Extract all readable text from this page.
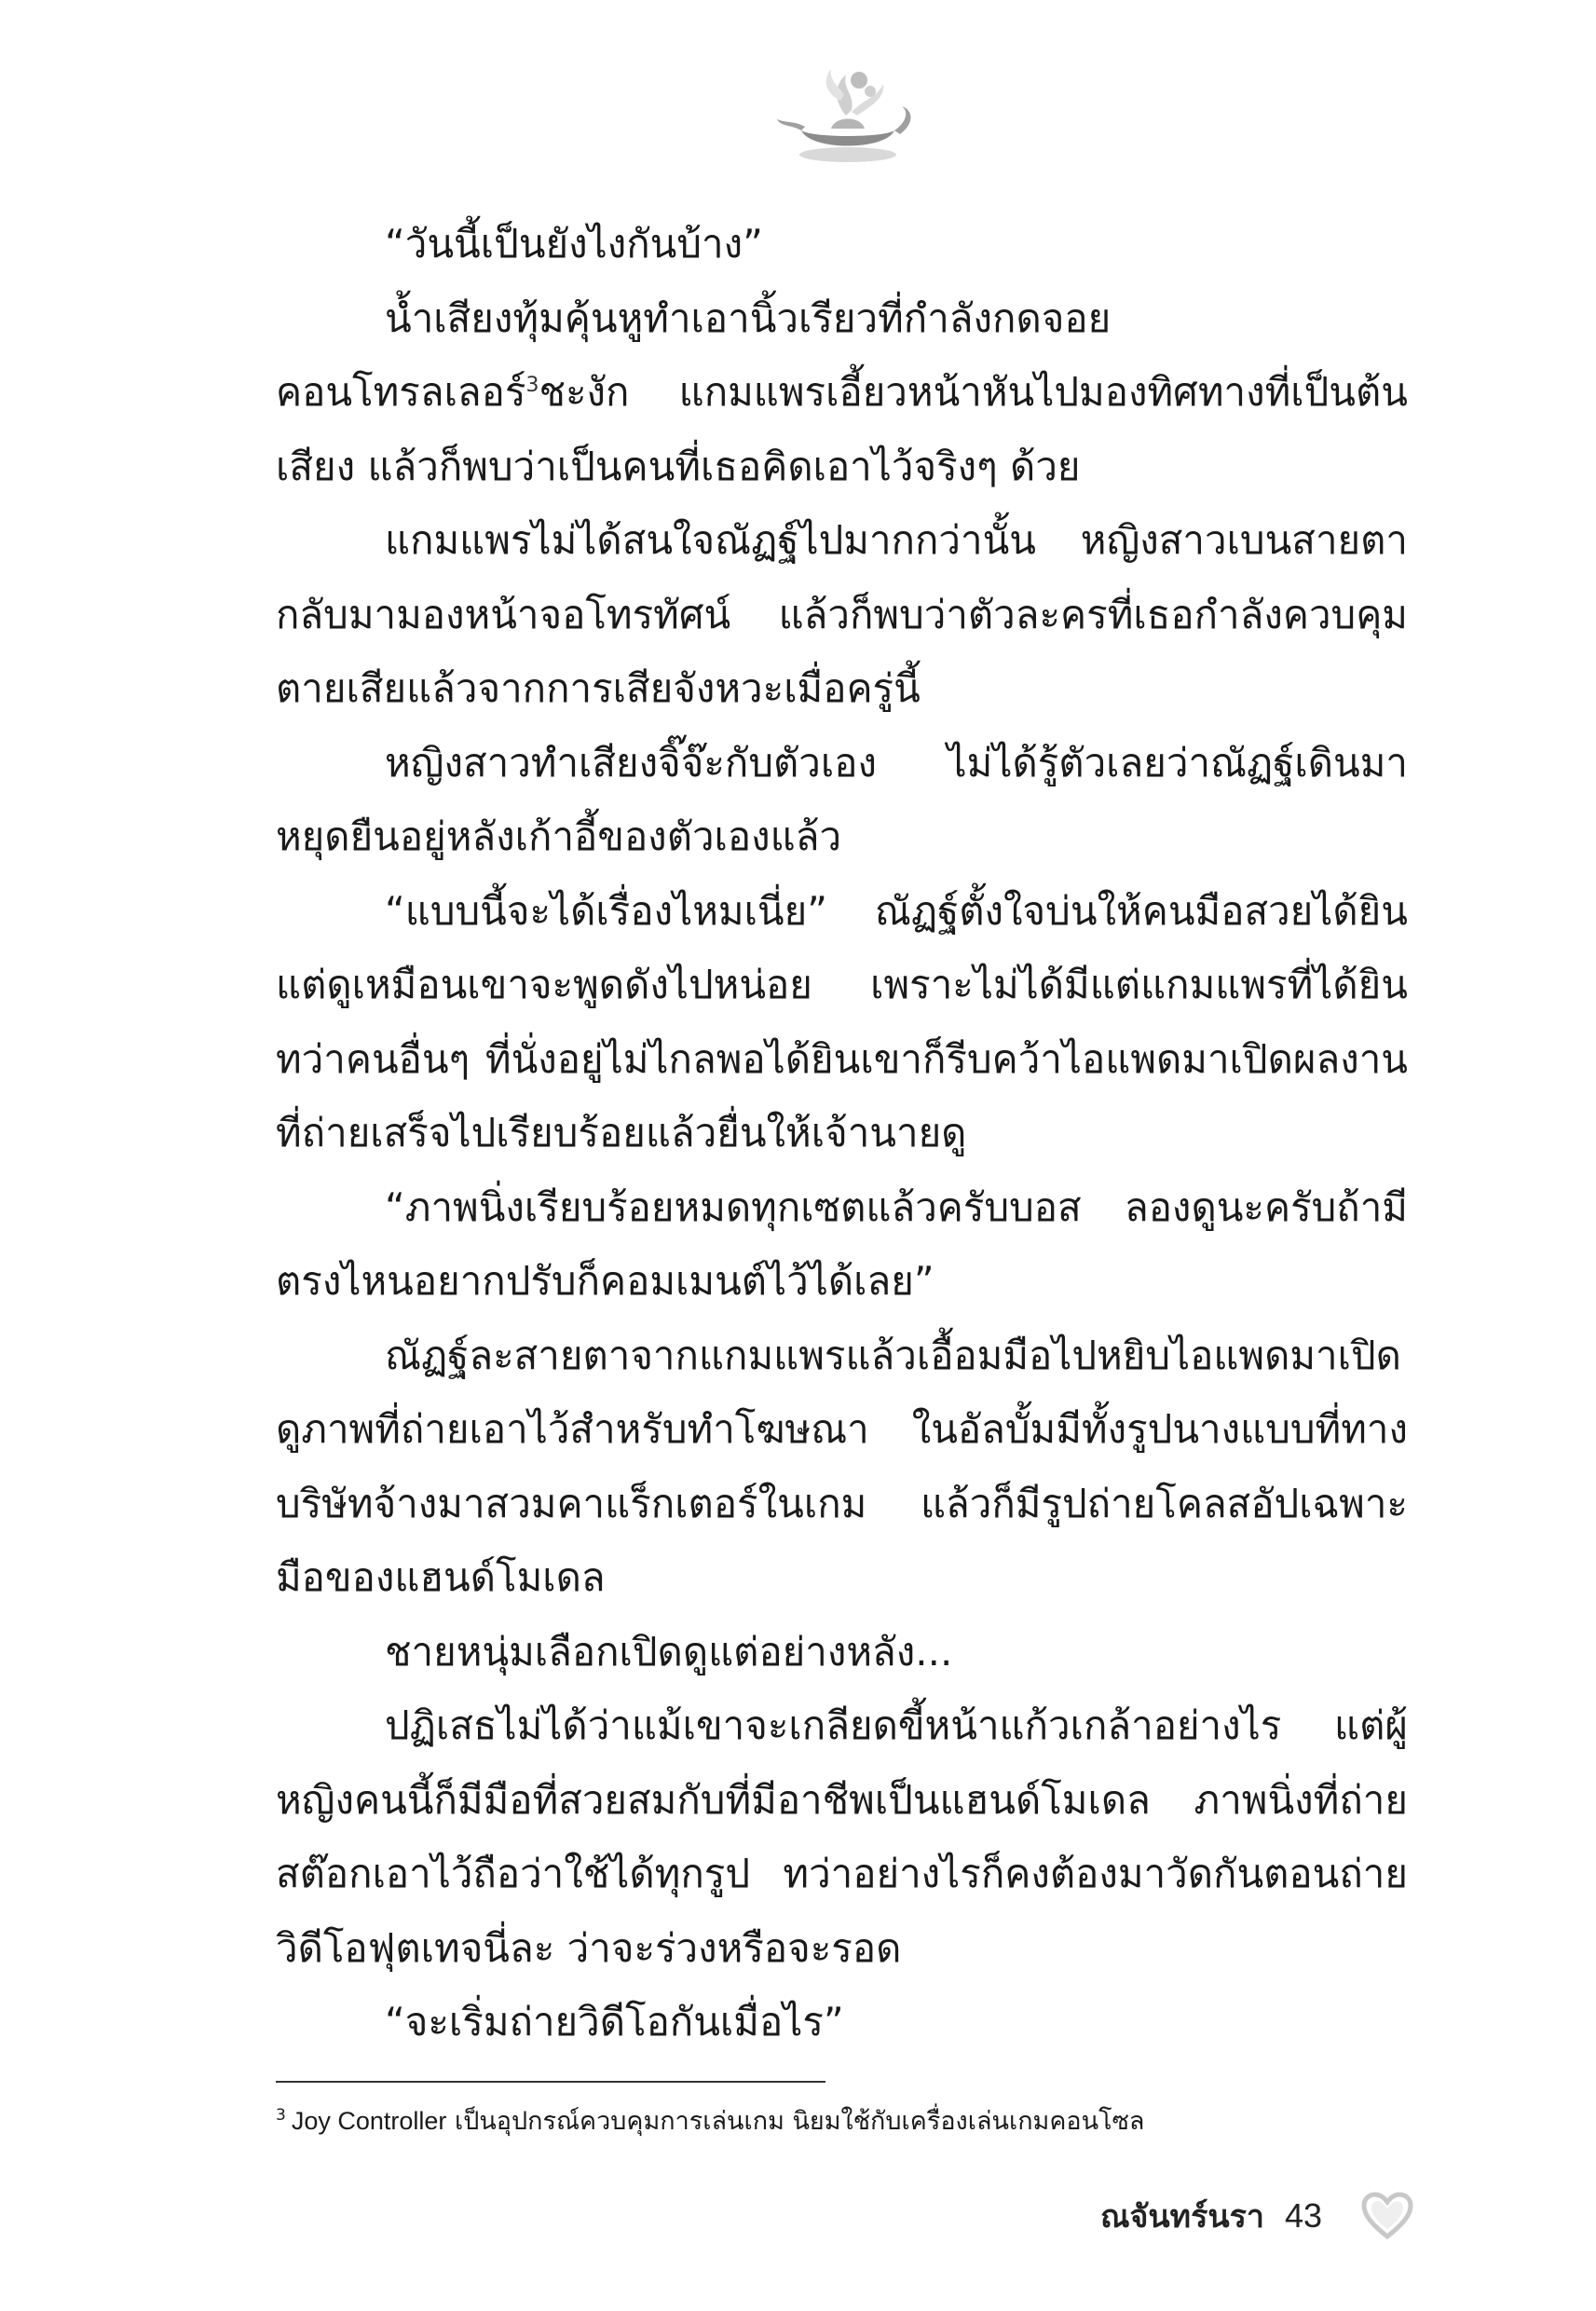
“วันนี้เป็นยังไงกันบ้าง”

น้ำเสียงทุ้มคุ้นหูทำเอานิ้วเรียวที่กำลังกดจอยคอนโทรลเลอร์$^3$ชะงัก แกมแพรเอี้ยวหน้าหันไปมองทิศทางที่เป็นต้นเสียง แล้วก็พบว่าเป็นคนที่เธอคิดเอาไว้จริงๆ ด้วย

แกมแพรไม่ได้สนใจณัฏฐ์ไปมากกว่านั้น หญิงสาวเบนสายตากลับมามองหน้าจอโทรทัศน์ แล้วก็พบว่าตัวละครที่เธอกำลังควบคุมตายเสียแล้วจากการเสียจังหวะเมื่อครู่นี้

หญิงสาวทำเสียงจิ๊จ๊ะกับตัวเอง ไม่ได้รู้ตัวเลยว่าณัฏฐ์เดินมาหยุดยืนอยู่หลังเก้าอี้ของตัวเองแล้ว

“แบบนี้จะได้เรื่องไหมเนี่ย” ณัฏฐ์ตั้งใจบ่นให้คนมือสวยได้ยินแต่ดูเหมือนเขาจะพูดดังไปหน่อย เพราะไม่ได้มีแต่แกมแพรที่ได้ยินทว่าคนอื่นๆ ที่นั่งอยู่ไม่ไกลพอได้ยินเขาก็รีบคว้าไอแพดมาเปิดผลงานที่ถ่ายเสร็จไปเรียบร้อยแล้วยื่นให้เจ้านายดู

“ภาพนิ่งเรียบร้อยหมดทุกเซตแล้วครับบอส ลองดูนะครับถ้ามีตรงไหนอยากปรับก็คอมเมนต์ไว้ได้เลย”

ณัฏฐ์ละสายตาจากแกมแพรแล้วเอื้อมมือไปหยิบไอแพดมาเปิดดูภาพที่ถ่ายเอาไว้สำหรับทำโฆษณา ในอัลบั้มมีทั้งรูปนางแบบที่ทางบริษัทจ้างมาสวมคาแร็กเตอร์ในเกม แล้วก็มีรูปถ่ายโคลสอัปเฉพาะมือของแฮนด์โมเดล

ชายหนุ่มเลือกเปิดดูแต่อย่างหลัง...

ปฏิเสธไม่ได้ว่าแม้เขาจะเกลียดขี้หน้าแก้วเกล้าอย่างไร แต่ผู้หญิงคนนี้ก็มีมือที่สวยสมกับที่มีอาชีพเป็นแฮนด์โมเดล ภาพนิ่งที่ถ่ายสต๊อกเอาไว้ถือว่าใช้ได้ทุกรูป ทว่าอย่างไรก็คงต้องมาวัดกันตอนถ่ายวิดีโอฟุตเทจนี่ละ ว่าจะร่วงหรือจะรอด

“จะเริ่มถ่ายวิดีโอกันเมื่อไร”

$^3$ Joy Controller เป็นอุปกรณ์ควบคุมการเล่นเกม นิยมใช้กับเครื่องเล่นเกมคอนโซล
ณจันทร์นรา 43
